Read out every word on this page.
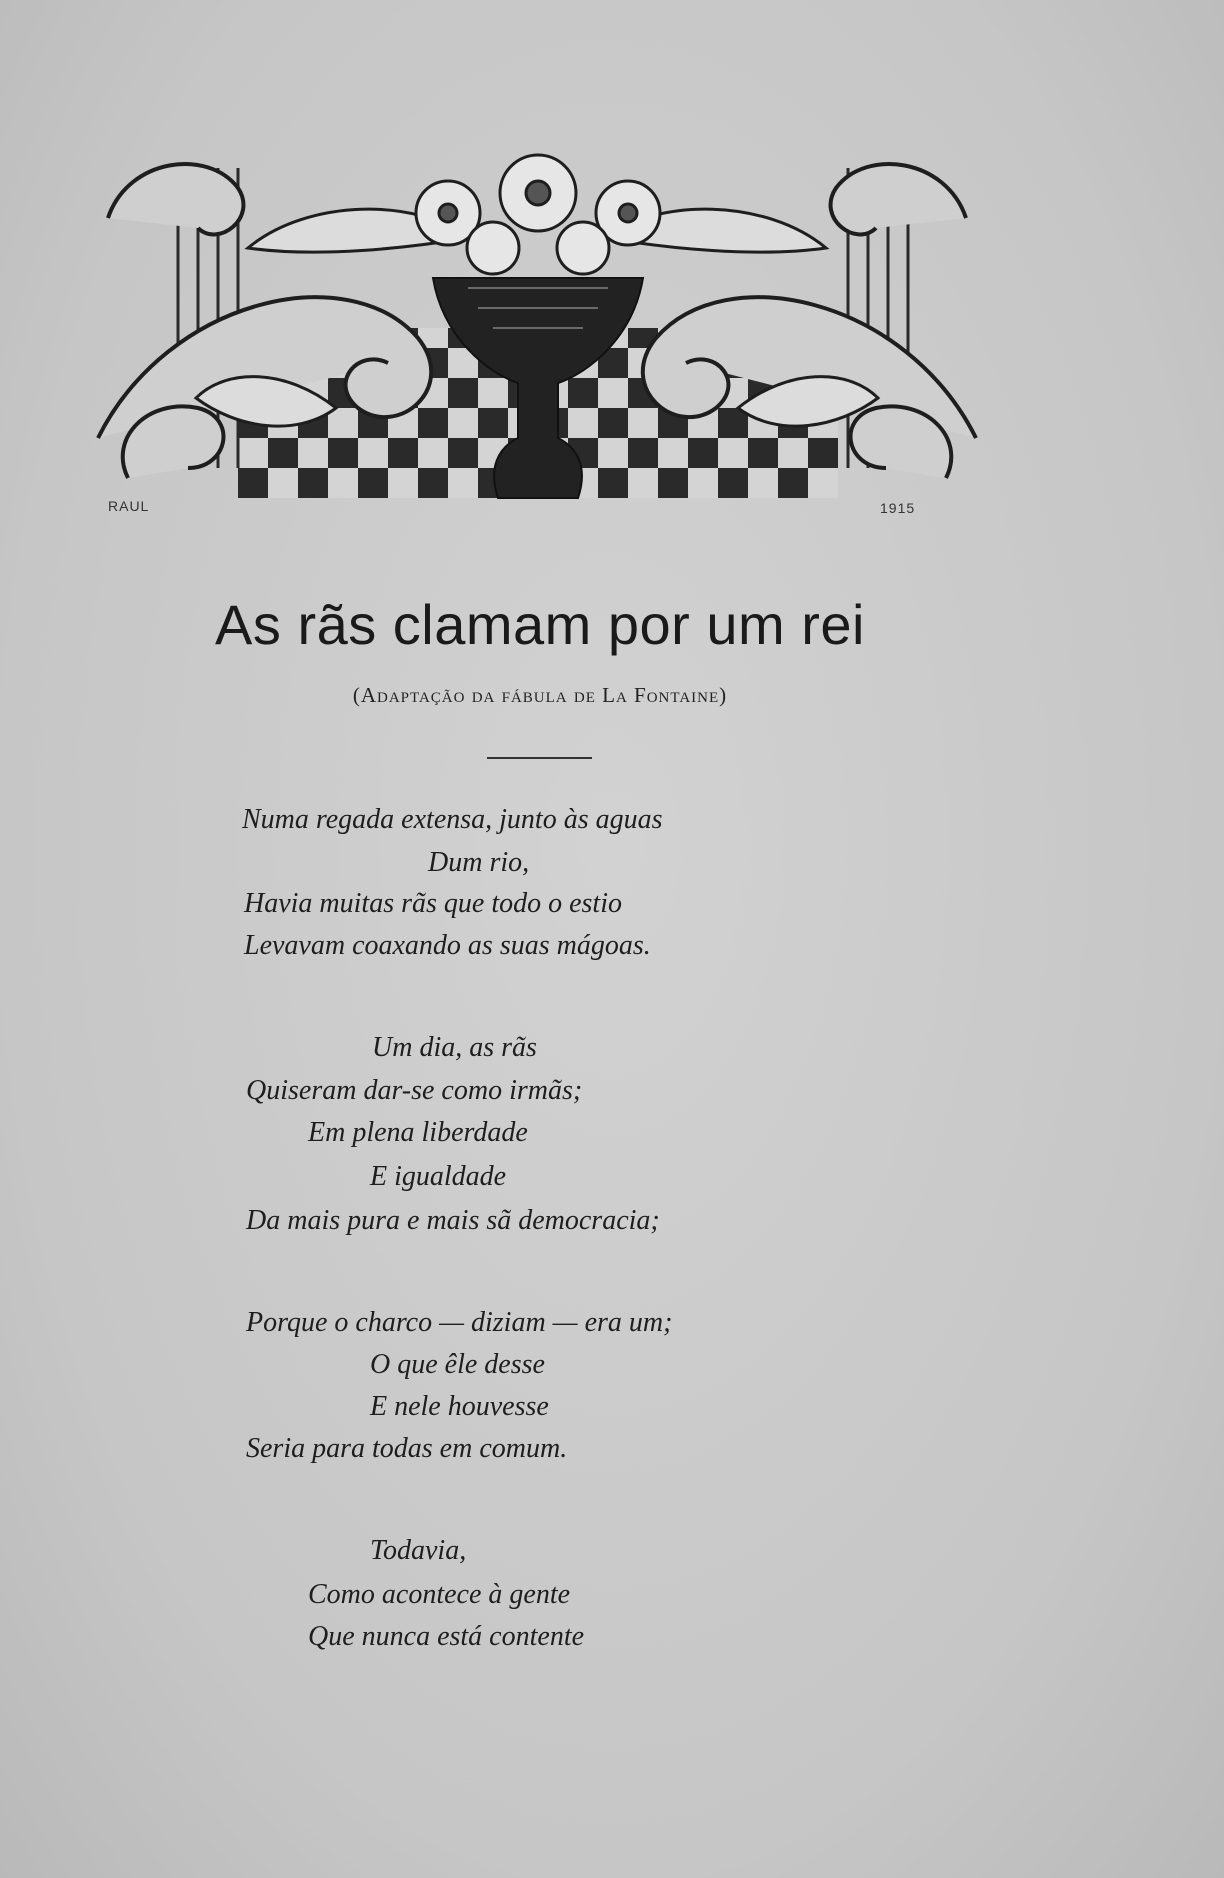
RAUL	1915
As rãs clamam por um rei
(Adaptação da fábula de La Fontaine)
Numa regada extensa, junto às aguas
Dum rio,
Havia muitas rãs que todo o estio
Levavam coaxando as suas mágoas.
Um dia, as rãs
Quiseram dar-se como irmãs;
Em plena liberdade
E igualdade
Da mais pura e mais sã democracia;
Porque o charco — diziam — era um;
O que êle desse
E nele houvesse
Seria para todas em comum.
Todavia,
Como acontece à gente
Que nunca está contente
